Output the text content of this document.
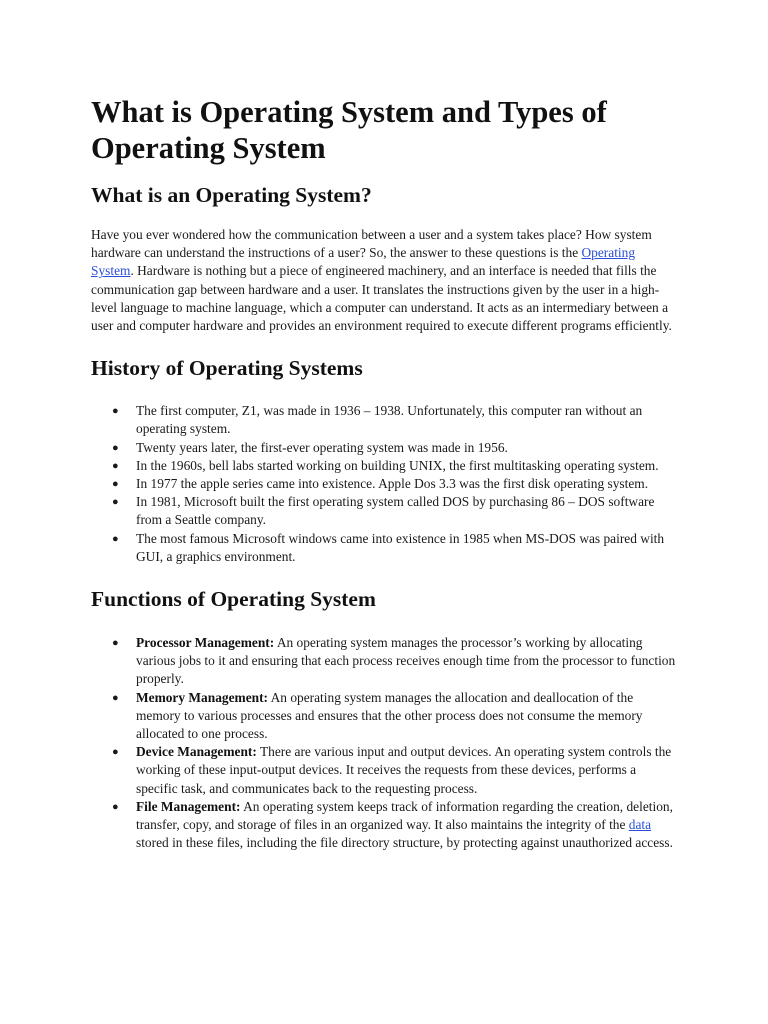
What is Operating System and Types of Operating System
What is an Operating System?

Have you ever wondered how the communication between a user and a system takes place? How system hardware can understand the instructions of a user? So, the answer to these questions is the Operating System. Hardware is nothing but a piece of engineered machinery, and an interface is needed that fills the communication gap between hardware and a user. It translates the instructions given by the user in a high-level language to machine language, which a computer can understand. It acts as an intermediary between a user and computer hardware and provides an environment required to execute different programs efficiently.

History of Operating Systems
● The first computer, Z1, was made in 1936 – 1938. Unfortunately, this computer ran without an operating system.
● Twenty years later, the first-ever operating system was made in 1956.
● In the 1960s, bell labs started working on building UNIX, the first multitasking operating system.
● In 1977 the apple series came into existence. Apple Dos 3.3 was the first disk operating system.
● In 1981, Microsoft built the first operating system called DOS by purchasing 86 – DOS software from a Seattle company.
● The most famous Microsoft windows came into existence in 1985 when MS-DOS was paired with GUI, a graphics environment.
Functions of Operating System
● Processor Management: An operating system manages the processor’s working by allocating various jobs to it and ensuring that each process receives enough time from the processor to function properly.
● Memory Management: An operating system manages the allocation and deallocation of the memory to various processes and ensures that the other process does not consume the memory allocated to one process.
● Device Management: There are various input and output devices. An operating system controls the working of these input-output devices. It receives the requests from these devices, performs a specific task, and communicates back to the requesting process.
● File Management: An operating system keeps track of information regarding the creation, deletion, transfer, copy, and storage of files in an organized way. It also maintains the integrity of the data stored in these files, including the file directory structure, by protecting against unauthorized access.
